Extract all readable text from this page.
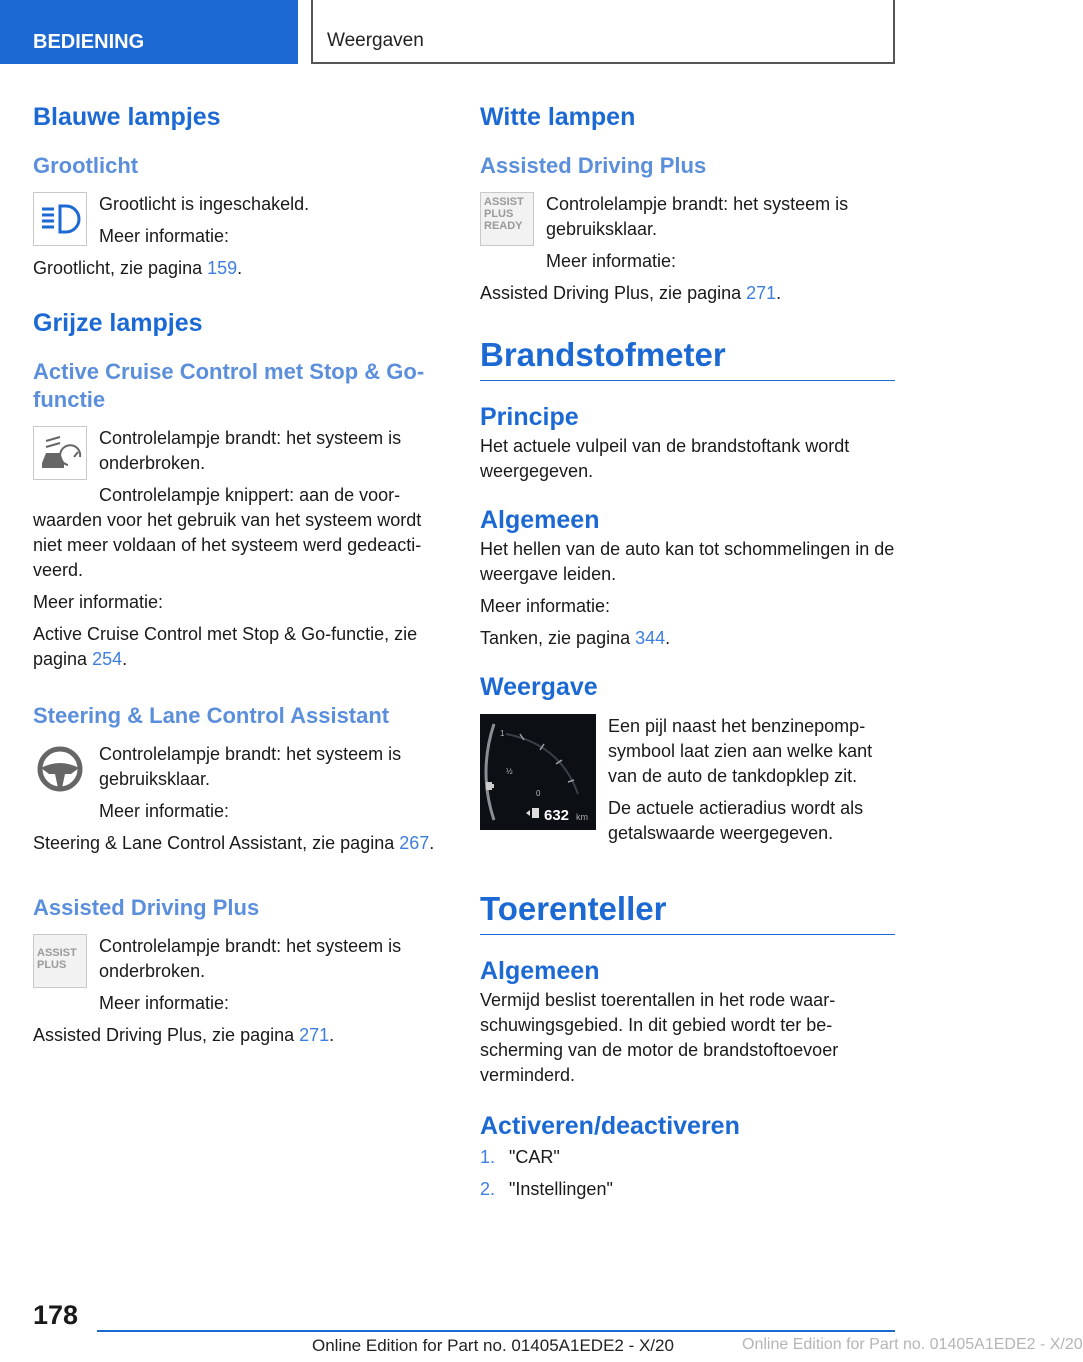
BEDIENING	Weergaven
Blauwe lampjes
Grootlicht

Grootlicht is ingeschakeld.

Meer informatie:

Grootlicht, zie pagina 159.

Grijze lampjes
Active Cruise Control met Stop & Go-functie

Controlelampje brandt: het systeem is onderbroken.

Controlelampje knippert: aan de voorwaarden voor het gebruik van het systeem wordt niet meer voldaan of het systeem werd gedeactiveerd.

Meer informatie:

Active Cruise Control met Stop & Go-functie, zie pagina 254.

Steering & Lane Control Assistant

Controlelampje brandt: het systeem is gebruiksklaar.

Meer informatie:

Steering & Lane Control Assistant, zie pagina 267.

Assisted Driving Plus
ASSIST PLUS

Controlelampje brandt: het systeem is onderbroken.

Meer informatie:

Assisted Driving Plus, zie pagina 271.

Witte lampen
Assisted Driving Plus
ASSIST PLUS READY

Controlelampje brandt: het systeem is gebruiksklaar.

Meer informatie:

Assisted Driving Plus, zie pagina 271.

Brandstofmeter
Principe

Het actuele vulpeil van de brandstoftank wordt weergegeven.

Algemeen

Het hellen van de auto kan tot schommelingen in de weergave leiden.

Meer informatie:

Tanken, zie pagina 344.

Weergave
1
½
0
632 km

Een pijl naast het benzinepompsymbool laat zien aan welke kant van de auto de tankdopklep zit.

De actuele actieradius wordt als getalswaarde weergegeven.

Toerenteller
Algemeen

Vermijd beslist toerentallen in het rode waarschuwingsgebied. In dit gebied wordt ter bescherming van de motor de brandstoftoevoer verminderd.

Activeren/deactiveren
1. "CAR"
2. "Instellingen"
178
Online Edition for Part no. 01405A1EDE2 - X/20	Online Edition for Part no. 01405A1EDE2 - X/20
